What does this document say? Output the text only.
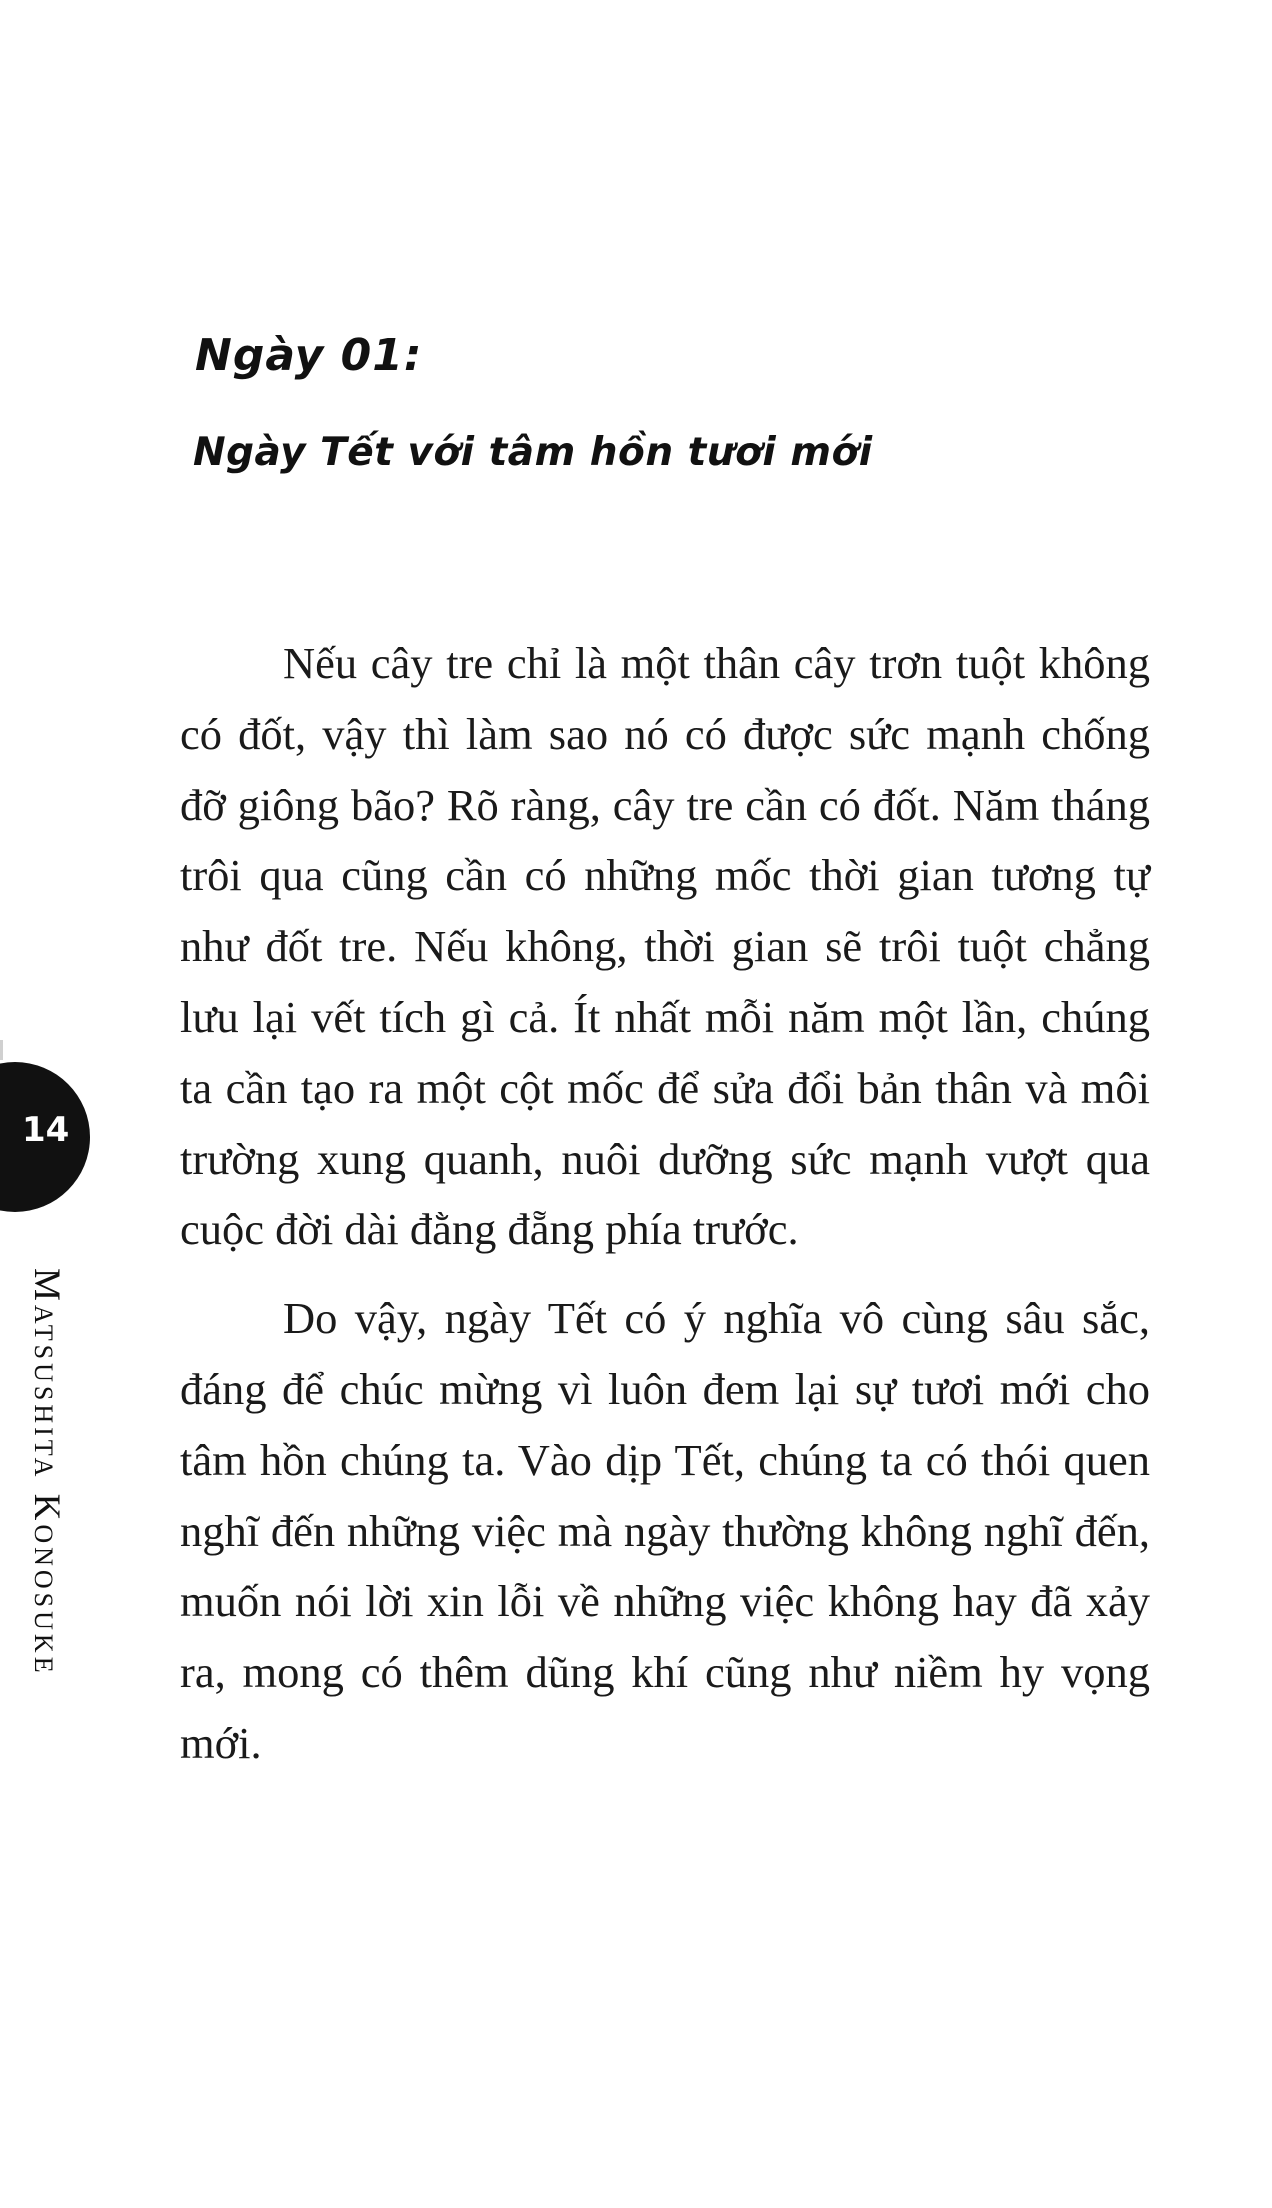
Ngày 01:
Ngày Tết với tâm hồn tươi mới

Nếu cây tre chỉ là một thân cây trơn tuột không có đốt, vậy thì làm sao nó có được sức mạnh chống đỡ giông bão? Rõ ràng, cây tre cần có đốt. Năm tháng trôi qua cũng cần có những mốc thời gian tương tự như đốt tre. Nếu không, thời gian sẽ trôi tuột chẳng lưu lại vết tích gì cả. Ít nhất mỗi năm một lần, chúng ta cần tạo ra một cột mốc để sửa đổi bản thân và môi trường xung quanh, nuôi dưỡng sức mạnh vượt qua cuộc đời dài đằng đẵng phía trước.

Do vậy, ngày Tết có ý nghĩa vô cùng sâu sắc, đáng để chúc mừng vì luôn đem lại sự tươi mới cho tâm hồn chúng ta. Vào dịp Tết, chúng ta có thói quen nghĩ đến những việc mà ngày thường không nghĩ đến, muốn nói lời xin lỗi về những việc không hay đã xảy ra, mong có thêm dũng khí cũng như niềm hy vọng mới.

14
Matsushita Konosuke
